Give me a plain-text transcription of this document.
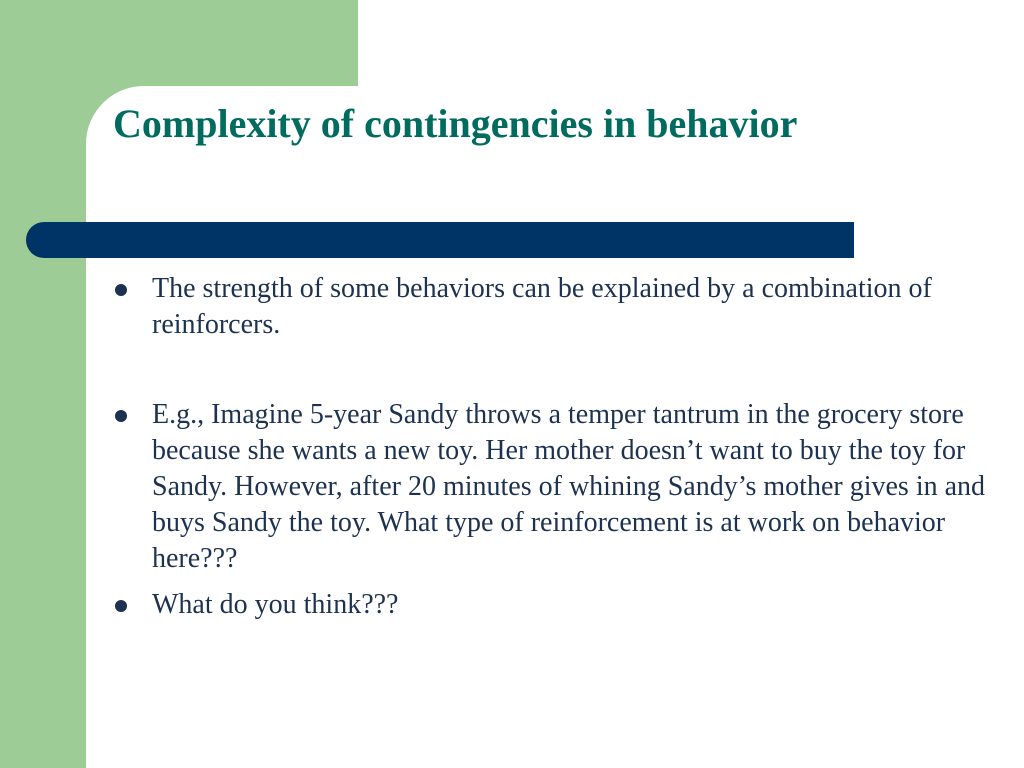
Complexity of contingencies in behavior
The strength of some behaviors can be explained by a combination of reinforcers.
E.g., Imagine 5-year Sandy throws a temper tantrum in the grocery store because she wants a new toy. Her mother doesn’t want to buy the toy for Sandy. However, after 20 minutes of whining Sandy’s mother gives in and buys Sandy the toy. What type of reinforcement is at work on behavior here???
What do you think???
